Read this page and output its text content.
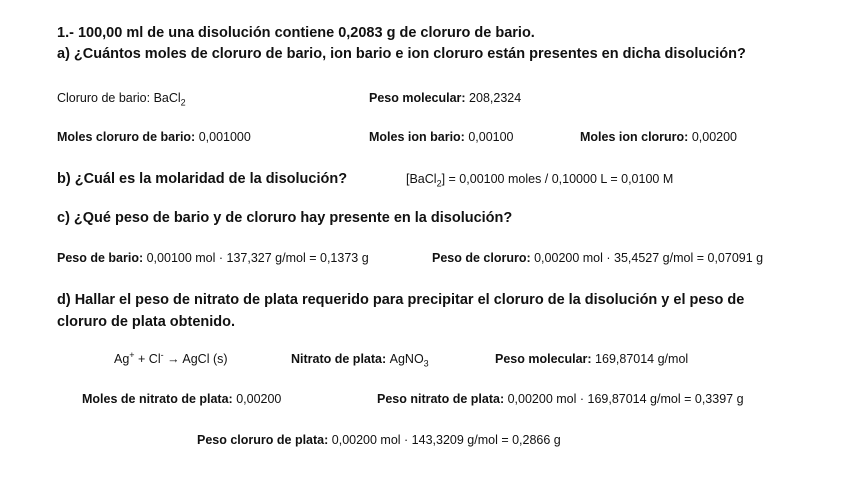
1.- 100,00 ml de una disolución contiene 0,2083 g de cloruro de bario.
a) ¿Cuántos moles de cloruro de bario, ion bario e ion cloruro están presentes en dicha disolución?
Cloruro de bario: BaCl$_2$	Peso molecular: 208,2324
Moles cloruro de bario: 0,001000	Moles ion bario: 0,00100	Moles ion cloruro: 0,00200
b) ¿Cuál es la molaridad de la disolución?	[BaCl$_2$] = 0,00100 moles / 0,10000 L = 0,0100 M
c) ¿Qué peso de bario y de cloruro hay presente en la disolución?
Peso de bario: 0,00100 mol · 137,327 g/mol = 0,1373 g	Peso de cloruro: 0,00200 mol · 35,4527 g/mol = 0,07091 g
d) Hallar el peso de nitrato de plata requerido para precipitar el cloruro de la disolución y el peso de
cloruro de plata obtenido.
Ag+ + Cl- → AgCl (s)	Nitrato de plata: AgNO$_3$	Peso molecular: 169,87014 g/mol
Moles de nitrato de plata: 0,00200	Peso nitrato de plata: 0,00200 mol · 169,87014 g/mol = 0,3397 g
Peso cloruro de plata: 0,00200 mol · 143,3209 g/mol = 0,2866 g
